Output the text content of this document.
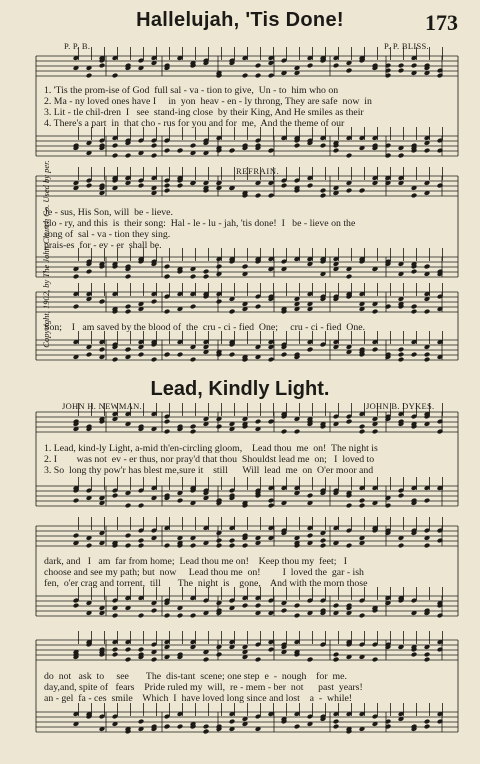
Hallelujah, 'Tis Done!	173
P. P. B.	P. P. BLISS.
REFRAIN.
Copyright, 1902, by The John Church Co. Used by per.
1. 'Tis the prom-ise of God  full sal - va - tion to give,  Un - to  him who on
2. Ma - ny loved ones have I     in  yon  heav - en - ly throng, They are safe  now  in
3. Lit - tle chil-dren  I   see  stand-ing close  by their King, And He smiles as their
4. There's a part  in  that cho - rus for you and for  me,  And the theme of our
Je - sus, His Son, will  be - lieve.
glo - ry, and this  is  their song:  Hal - le - lu - jah, 'tis done!  I   be - lieve on the
song of  sal - va - tion they sing.
prais-es  for - ev - er  shall be.
Son;    I   am saved by the blood of  the  cru - ci - fied  One;     cru - ci - fied  One.
Lead, Kindly Light.
JOHN H. NEWMAN.	JOHN B. DYKES.
1. Lead, kind-ly Light, a-mid th'en-circling gloom,    Lead thou  me  on!  The night is
2. I        was not  ev - er thus, nor pray'd that thou  Shouldst lead me  on;   I  loved to
3. So  long thy pow'r has blest me,sure it    still      Will  lead  me  on  O'er moor and
dark, and   I   am  far from home;  Lead thou me on!    Keep thou my  feet;   I
choose and see my path; but  now     Lead thou me  on!         I  loved the  gar - ish
fen,  o'er crag and torrent,  till       The  night  is    gone,    And with the morn those
do  not   ask  to     see       The  dis-tant  scene; one step  e  -  nough    for  me.
day,and, spite of   fears    Pride ruled my  will,  re - mem - ber  not      past  years!
an - gel  fa - ces  smile    Which  I  have loved long since and lost    a  -  while!
